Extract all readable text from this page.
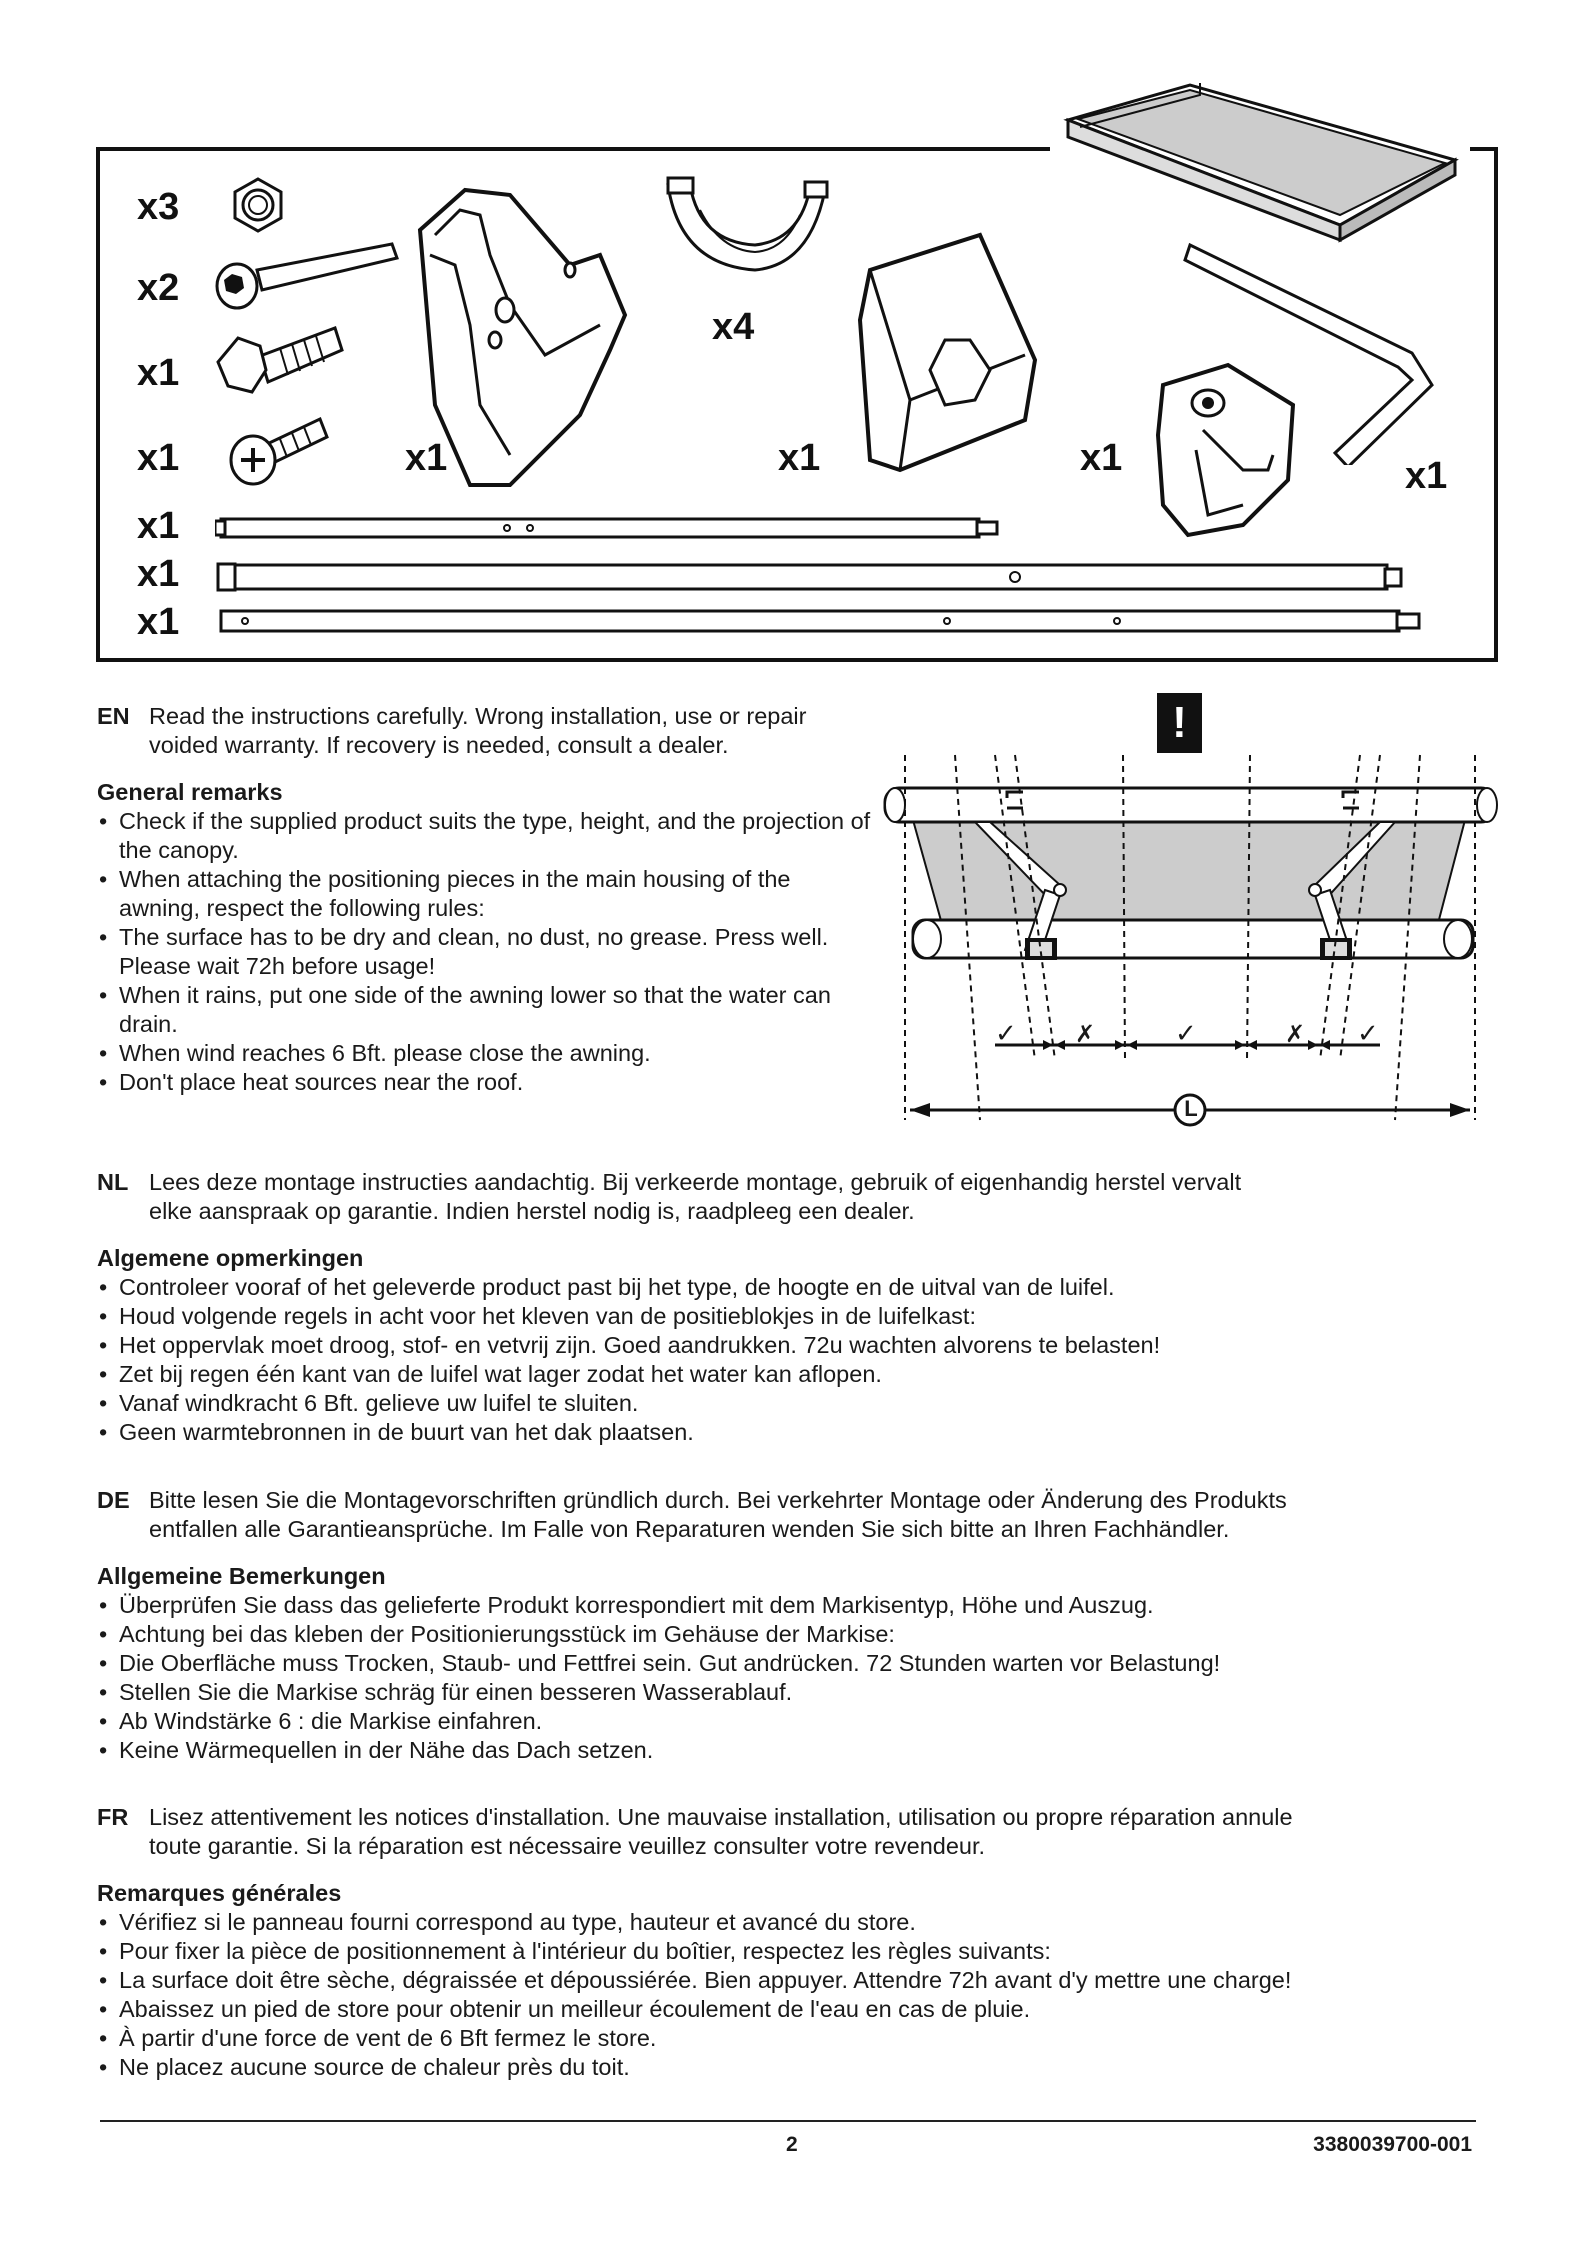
x3
x2
x1
x1
x1
x1
x1
x1
x4
x1	x1	x1
!
✓ ✗	✓	✗ ✓
L
EN Read the instructions carefully. Wrong installation, use or repair
voided warranty. If recovery is needed, consult a dealer.
General remarks
• Check if the supplied product suits the type, height, and the projection of the canopy.
• When attaching the positioning pieces in the main housing of the awning, respect the following rules:
• The surface has to be dry and clean, no dust, no grease. Press well. Please wait 72h before usage!
• When it rains, put one side of the awning lower so that the water can drain.
• When wind reaches 6 Bft. please close the awning.
• Don't place heat sources near the roof.
NL Lees deze montage instructies aandachtig. Bij verkeerde montage, gebruik of eigenhandig herstel vervalt
elke aanspraak op garantie. Indien herstel nodig is, raadpleeg een dealer.
Algemene opmerkingen
• Controleer vooraf of het geleverde product past bij het type, de hoogte en de uitval van de luifel.
• Houd volgende regels in acht voor het kleven van de positieblokjes in de luifelkast:
• Het oppervlak moet droog, stof- en vetvrij zijn. Goed aandrukken. 72u wachten alvorens te belasten!
• Zet bij regen één kant van de luifel wat lager zodat het water kan aflopen.
• Vanaf windkracht 6 Bft. gelieve uw luifel te sluiten.
• Geen warmtebronnen in de buurt van het dak plaatsen.
DE Bitte lesen Sie die Montagevorschriften gründlich durch. Bei verkehrter Montage oder Änderung des Produkts
entfallen alle Garantieansprüche. Im Falle von Reparaturen wenden Sie sich bitte an Ihren Fachhändler.
Allgemeine Bemerkungen
• Überprüfen Sie dass das gelieferte Produkt korrespondiert mit dem Markisentyp, Höhe und Auszug.
• Achtung bei das kleben der Positionierungsstück im Gehäuse der Markise:
• Die Oberfläche muss Trocken, Staub- und Fettfrei sein. Gut andrücken. 72 Stunden warten vor Belastung!
• Stellen Sie die Markise schräg für einen besseren Wasserablauf.
• Ab Windstärke 6 : die Markise einfahren.
• Keine Wärmequellen in der Nähe das Dach setzen.
FR Lisez attentivement les notices d'installation. Une mauvaise installation, utilisation ou propre réparation annule
toute garantie. Si la réparation est nécessaire veuillez consulter votre revendeur.
Remarques générales
• Vérifiez si le panneau fourni correspond au type, hauteur et avancé du store.
• Pour fixer la pièce de positionnement à l'intérieur du boîtier, respectez les règles suivants:
• La surface doit être sèche, dégraissée et dépoussiérée. Bien appuyer. Attendre 72h avant d'y mettre une charge!
• Abaissez un pied de store pour obtenir un meilleur écoulement de l'eau en cas de pluie.
• À partir d'une force de vent de 6 Bft fermez le store.
• Ne placez aucune source de chaleur près du toit.
2	3380039700-001
